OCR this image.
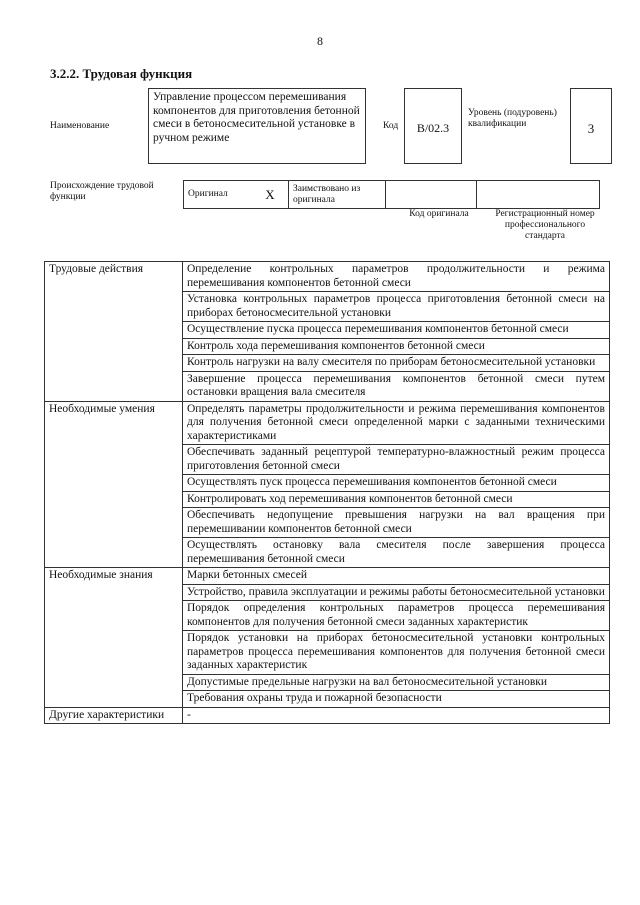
8
3.2.2. Трудовая функция
Наименование
Управление процессом перемешивания компонентов для приготовления бетонной смеси в бетоносмесительной установке в ручном режиме
Код	B/02.3
Уровень (подуровень) квалификации	3
Происхождение трудовой функции	Оригинал	X	Заимствовано из оригинала		
Код оригинала	Регистрационный номер профессионального стандарта
Трудовые действия	Определение контрольных параметров продолжительности и режима перемешивания компонентов бетонной смеси
	Установка контрольных параметров процесса приготовления бетонной смеси на приборах бетоносмесительной установки
	Осуществление пуска процесса перемешивания компонентов бетонной смеси
	Контроль хода перемешивания компонентов бетонной смеси
	Контроль нагрузки на валу смесителя по приборам бетоносмесительной установки
	Завершение процесса перемешивания компонентов бетонной смеси путем остановки вращения вала смесителя
Необходимые умения	Определять параметры продолжительности и режима перемешивания компонентов для получения бетонной смеси определенной марки с заданными техническими характеристиками
	Обеспечивать заданный рецептурой температурно-влажностный режим процесса приготовления бетонной смеси
	Осуществлять пуск процесса перемешивания компонентов бетонной смеси
	Контролировать ход перемешивания компонентов бетонной смеси
	Обеспечивать недопущение превышения нагрузки на вал вращения при перемешивании компонентов бетонной смеси
	Осуществлять остановку вала смесителя после завершения процесса перемешивания бетонной смеси
Необходимые знания	Марки бетонных смесей
	Устройство, правила эксплуатации и режимы работы бетоносмесительной установки
	Порядок определения контрольных параметров процесса перемешивания компонентов для получения бетонной смеси заданных характеристик
	Порядок установки на приборах бетоносмесительной установки контрольных параметров процесса перемешивания компонентов для получения бетонной смеси заданных характеристик
	Допустимые предельные нагрузки на вал бетоносмесительной установки
	Требования охраны труда и пожарной безопасности
Другие характеристики	-
